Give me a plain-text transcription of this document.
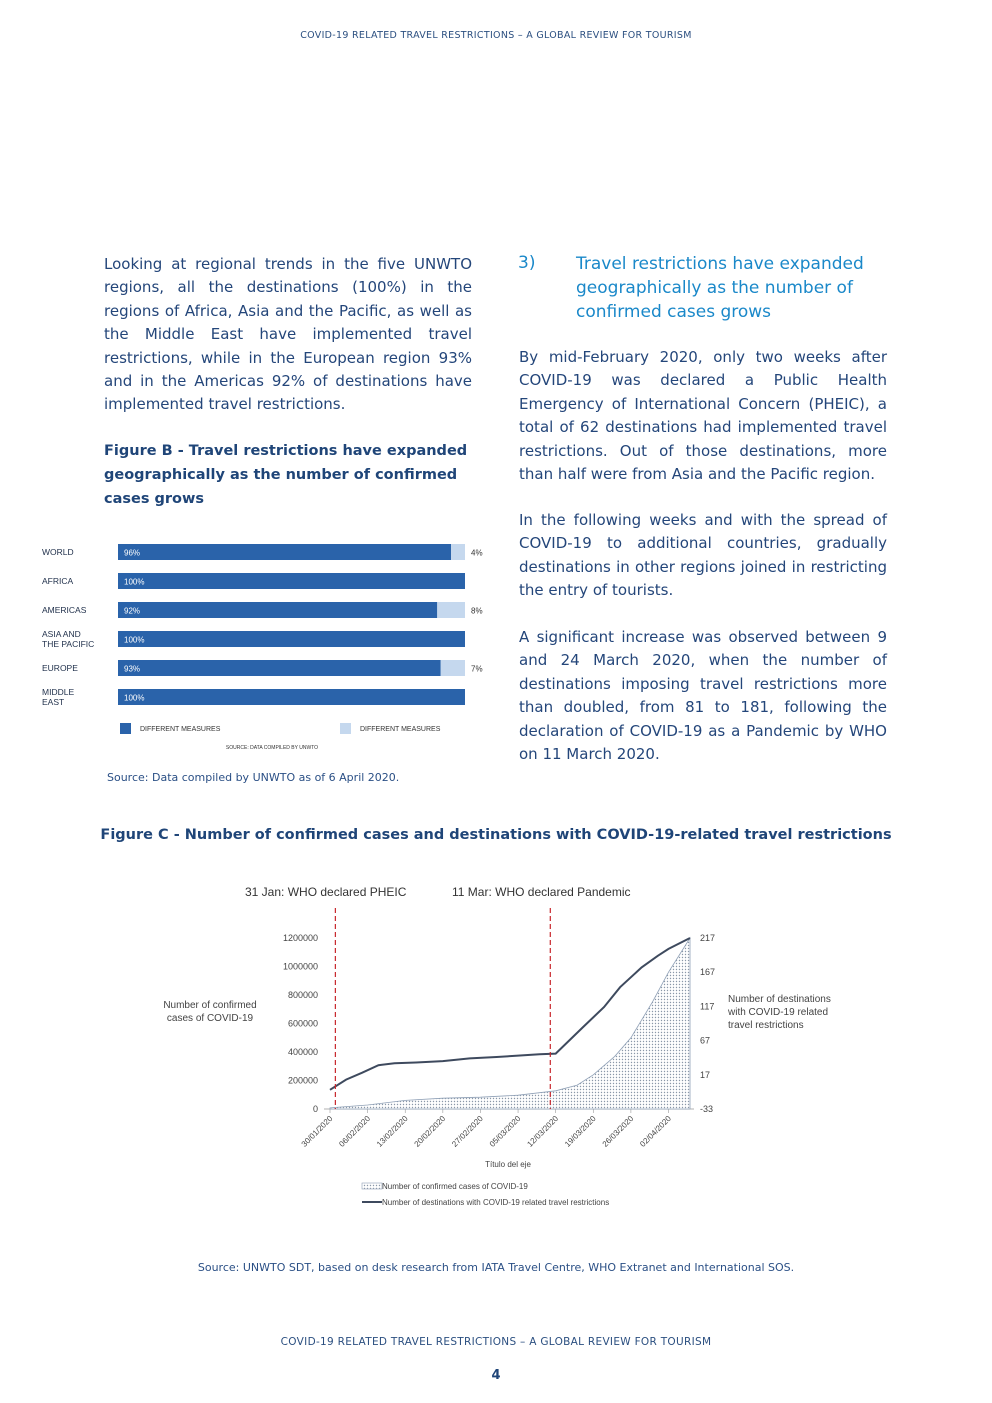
COVID-19 RELATED TRAVEL RESTRICTIONS – A GLOBAL REVIEW FOR TOURISM

Looking at regional trends in the five UNWTO regions, all the destinations (100%) in the regions of Africa, Asia and the Pacific, as well as the Middle East have implemented travel restrictions, while in the European region 93% and in the Americas 92% of destinations have implemented travel restrictions.

Figure B - Travel restrictions have expanded geographically as the number of confirmed cases grows
WORLD	96%	4%
AFRICA	100%
AMERICAS	92%	8%
ASIA AND
THE PACIFIC	100%
EUROPE	93%	7%
MIDDLE
EAST	100%
DIFFERENT MEASURES	DIFFERENT MEASURES
SOURCE: DATA COMPILED BY UNWTO
Source: Data compiled by UNWTO as of 6 April 2020.
3) Travel restrictions have expanded geographically as the number of confirmed cases grows

By mid-February 2020, only two weeks after COVID-19 was declared a Public Health Emergency of International Concern (PHEIC), a total of 62 destinations had implemented travel restrictions. Out of those destinations, more than half were from Asia and the Pacific region.

In the following weeks and with the spread of COVID-19 to additional countries, gradually destinations in other regions joined in restricting the entry of tourists.

A significant increase was observed between 9 and 24 March 2020, when the number of destinations imposing travel restrictions more than doubled, from 81 to 181, following the declaration of COVID-19 as a Pandemic by WHO on 11 March 2020.

Figure C - Number of confirmed cases and destinations with COVID-19-related travel restrictions
31 Jan: WHO declared PHEIC	11 Mar: WHO declared Pandemic
0
200000
400000
600000
800000
1000000
1200000
-33
17
67
117
167
217
30/01/2020 06/02/2020 13/02/2020 20/02/2020 27/02/2020 05/03/2020 12/03/2020 19/03/2020 26/03/2020 02/04/2020
Number of confirmed
cases of COVID-19
Number of destinations
with COVID-19 related
travel restrictions
Título del eje
Number of confirmed cases of COVID-19
Number of destinations with COVID-19 related travel restrictions
Source: UNWTO SDT, based on desk research from IATA Travel Centre, WHO Extranet and International SOS.
COVID-19 RELATED TRAVEL RESTRICTIONS – A GLOBAL REVIEW FOR TOURISM
4
